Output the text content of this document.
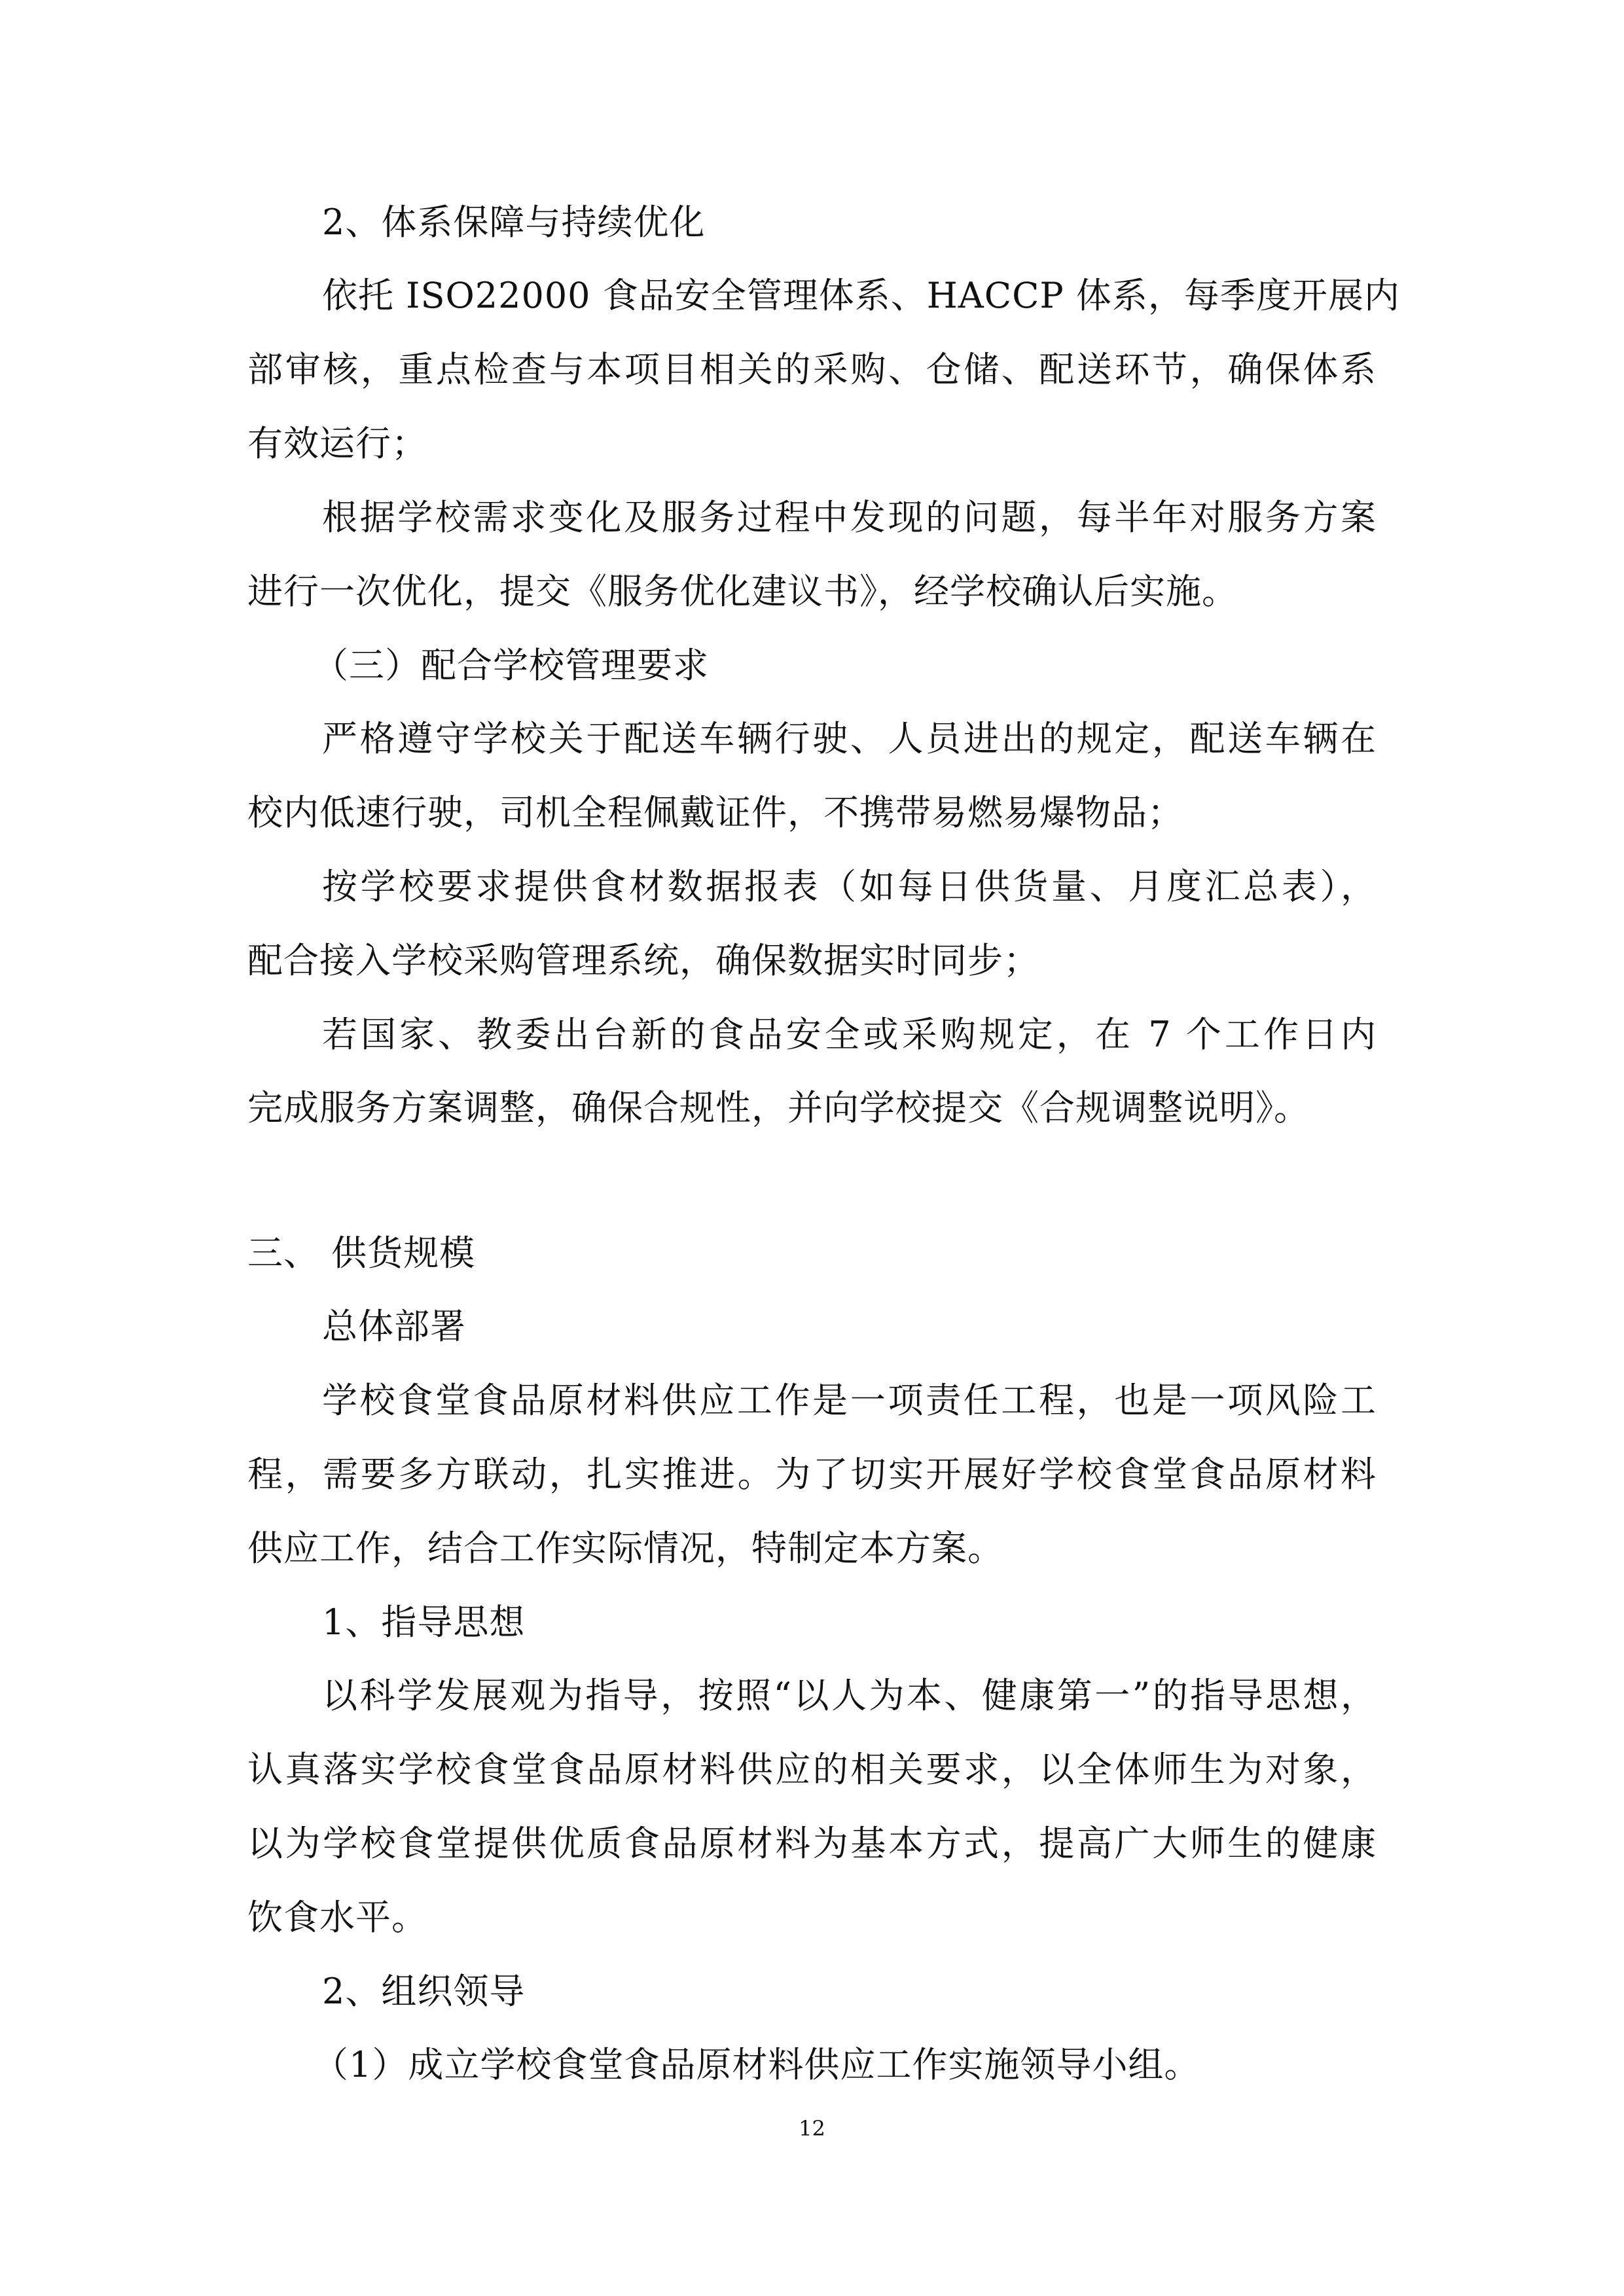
2、体系保障与持续优化
依托 ISO22000 食品安全管理体系、HACCP 体系，每季度开展内
部审核，重点检查与本项目相关的采购、仓储、配送环节，确保体系
有效运行；
根据学校需求变化及服务过程中发现的问题，每半年对服务方案
进行一次优化，提交《服务优化建议书》，经学校确认后实施。
（三）配合学校管理要求
严格遵守学校关于配送车辆行驶、人员进出的规定，配送车辆在
校内低速行驶，司机全程佩戴证件，不携带易燃易爆物品；
按学校要求提供食材数据报表（如每日供货量、月度汇总表），
配合接入学校采购管理系统，确保数据实时同步；
若国家、教委出台新的食品安全或采购规定，在 7 个工作日内
完成服务方案调整，确保合规性，并向学校提交《合规调整说明》。
三、 供货规模
总体部署
学校食堂食品原材料供应工作是一项责任工程，也是一项风险工
程，需要多方联动，扎实推进。为了切实开展好学校食堂食品原材料
供应工作，结合工作实际情况，特制定本方案。
1、指导思想
以科学发展观为指导，按照“以人为本、健康第一”的指导思想，
认真落实学校食堂食品原材料供应的相关要求，以全体师生为对象，
以为学校食堂提供优质食品原材料为基本方式，提高广大师生的健康
饮食水平。
2、组织领导
（1）成立学校食堂食品原材料供应工作实施领导小组。
12
